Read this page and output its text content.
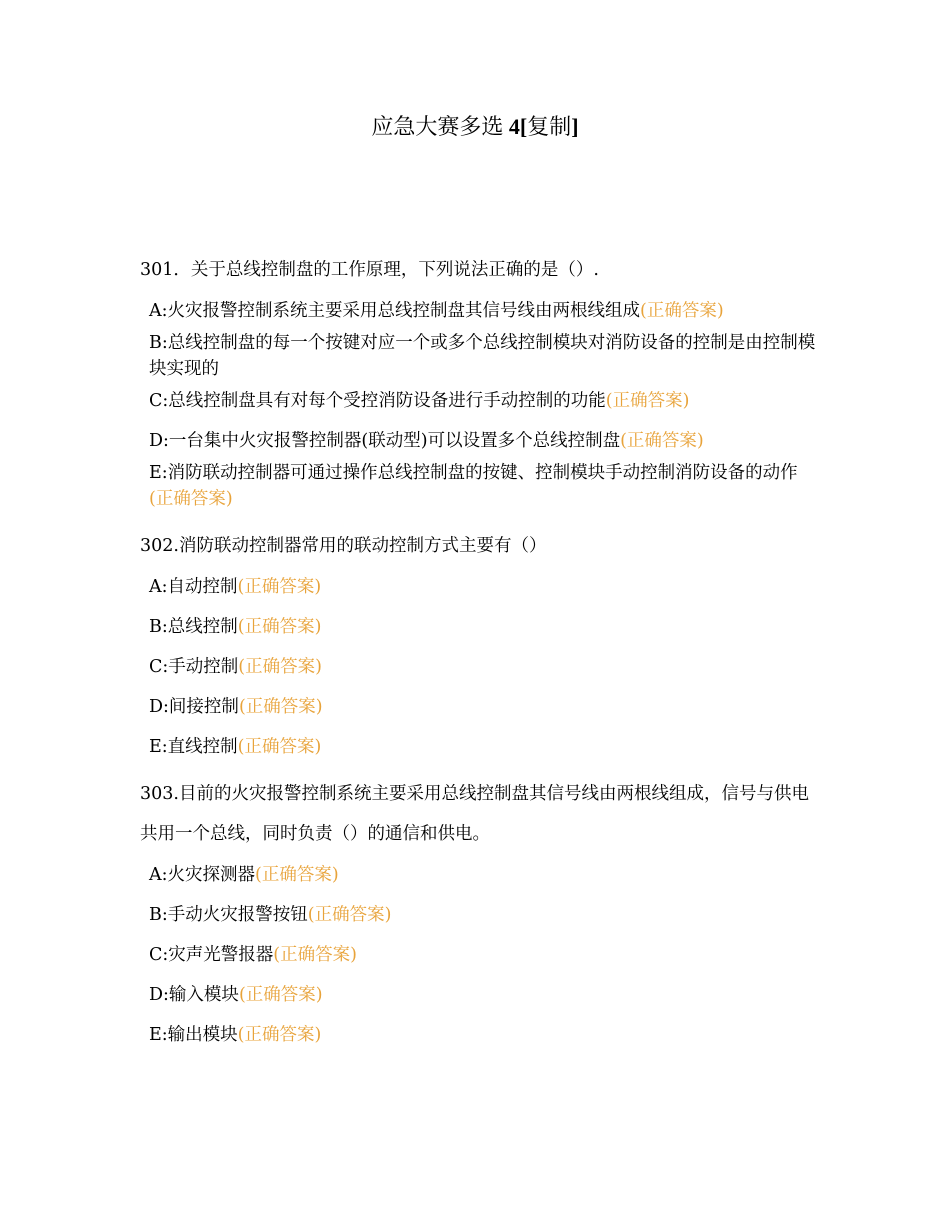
应急大赛多选 4[复制]

301．关于总线控制盘的工作原理，下列说法正确的是（）.

A:火灾报警控制系统主要采用总线控制盘其信号线由两根线组成(正确答案)
B:总线控制盘的每一个按键对应一个或多个总线控制模块对消防设备的控制是由控制模块实现的
C:总线控制盘具有对每个受控消防设备进行手动控制的功能(正确答案)
D:一台集中火灾报警控制器(联动型)可以设置多个总线控制盘(正确答案)
E:消防联动控制器可通过操作总线控制盘的按键、控制模块手动控制消防设备的动作(正确答案)

302.消防联动控制器常用的联动控制方式主要有（）

A:自动控制(正确答案)
B:总线控制(正确答案)
C:手动控制(正确答案)
D:间接控制(正确答案)
E:直线控制(正确答案)

303.目前的火灾报警控制系统主要采用总线控制盘其信号线由两根线组成，信号与供电共用一个总线，同时负责（）的通信和供电。

A:火灾探测器(正确答案)
B:手动火灾报警按钮(正确答案)
C:灾声光警报器(正确答案)
D:输入模块(正确答案)
E:输出模块(正确答案)
